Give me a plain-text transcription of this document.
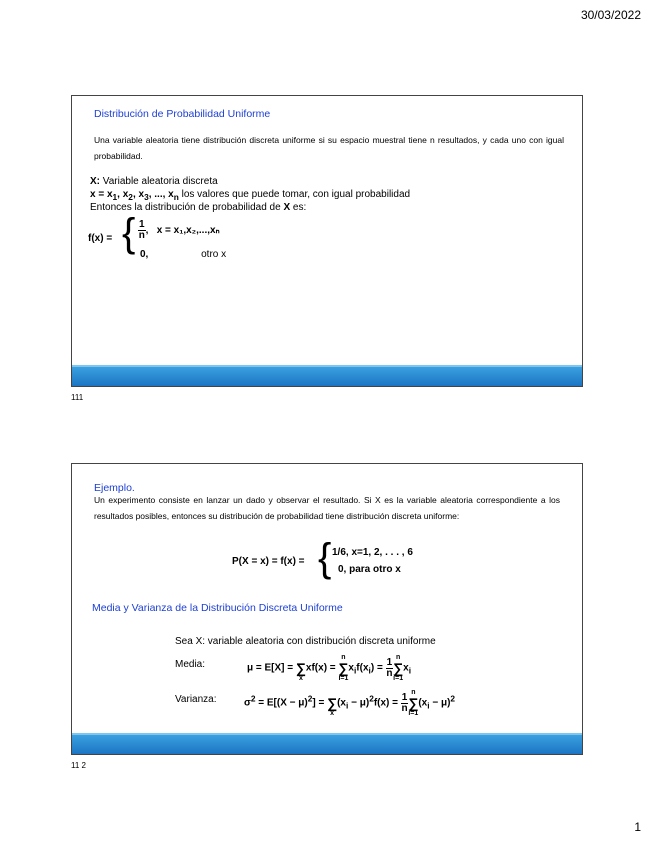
30/03/2022
Distribución de Probabilidad Uniforme
Una variable aleatoria tiene distribución discreta uniforme si su espacio muestral tiene n resultados, y cada uno con igual probabilidad.
X: Variable aleatoria discreta
$x = x_1$, $x_2$, $x_3$, ..., $x_n$ los valores que puede tomar, con igual probabilidad
Entonces la distribución de probabilidad de X es:
f(x) = { $\frac{1}{n}$ ,   x = x₁,x₂,...,xₙ
0,	otro x
111
Ejemplo.
Un experimento consiste en lanzar un dado y observar el resultado. Si X es la variable aleatoria correspondiente a los resultados posibles, entonces su distribución de probabilidad tiene distribución discreta uniforme:
P(X = x) = f(x) = { 1/6, x=1, 2, . . . , 6
0, para otro x
Media y Varianza de la Distribución Discreta Uniforme
Sea X: variable aleatoria con distribución discreta uniforme
Media:	μ = E[X] =
∑
x
xf(x) =
n
∑
i=1
$x_if(x_i) = \frac{1}{n}$ n
∑
i=1
$x_i$
Varianza:	$\sigma^2 = E[(X - \mu)^2]$ =
∑
x
$(x_i - \mu)^2f(x) = \frac{1}{n}$ n
∑
i=1
$(x_i - \mu)^2$
11 2
1
